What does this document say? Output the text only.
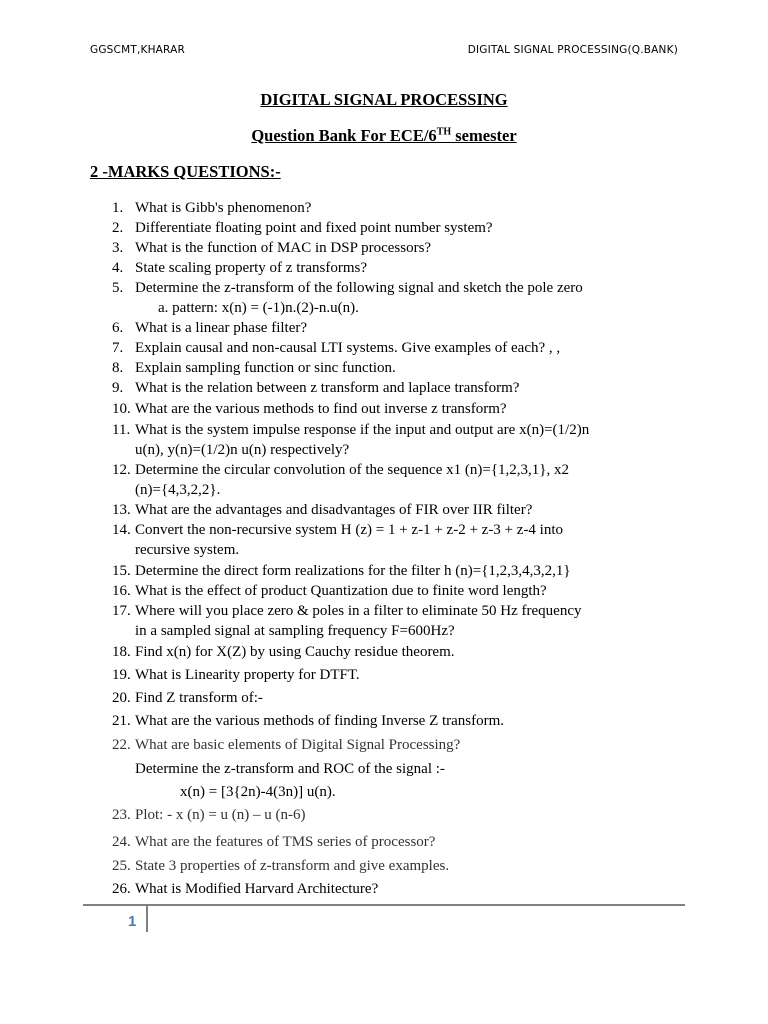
GGSCMT,KHARAR	DIGITAL SIGNAL PROCESSING(Q.BANK)
DIGITAL SIGNAL PROCESSING
Question Bank For ECE/6TH semester
2 -MARKS QUESTIONS:-
1. What is Gibb's phenomenon?
2. Differentiate floating point and fixed point number system?
3. What is the function of MAC in DSP processors?
4. State scaling property of z transforms?
5. Determine the z-transform of the following signal and sketch the pole zero
a. pattern: x(n) = (-1)n.(2)-n.u(n).
6. What is a linear phase filter?
7. Explain causal and non-causal LTI systems. Give examples of each? , ,
8. Explain sampling function or sinc function.
9. What is the relation between z transform and laplace transform?
10. What are the various methods to find out inverse z transform?
11. What is the system impulse response if the input and output are x(n)=(1/2)n
u(n), y(n)=(1/2)n u(n) respectively?
12. Determine the circular convolution of the sequence x1 (n)={1,2,3,1}, x2
(n)={4,3,2,2}.
13. What are the advantages and disadvantages of FIR over IIR filter?
14. Convert the non-recursive system H (z) = 1 + z-1 + z-2 + z-3 + z-4 into
recursive system.
15. Determine the direct form realizations for the filter h (n)={1,2,3,4,3,2,1}
16. What is the effect of product Quantization due to finite word length?
17. Where will you place zero & poles in a filter to eliminate 50 Hz frequency
in a sampled signal at sampling frequency F=600Hz?
18. Find x(n) for X(Z) by using Cauchy residue theorem.
19. What is Linearity property for DTFT.
20. Find Z transform of:-
21. What are the various methods of finding Inverse Z transform.
22. What are basic elements of Digital Signal Processing?
Determine the z-transform and ROC of the signal :-
x(n) = [3{2n)-4(3n)] u(n).
23. Plot: - x (n) = u (n) – u (n-6)
24. What are the features of TMS series of processor?
25. State 3 properties of z-transform and give examples.
26. What is Modified Harvard Architecture?
1
